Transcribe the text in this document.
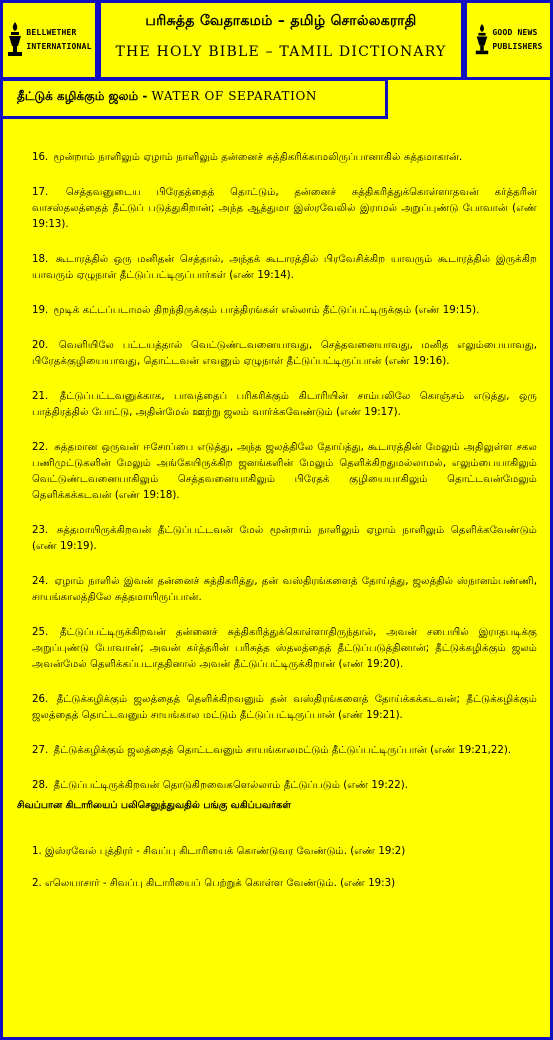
BELLWETHER
INTERNATIONAL
பரிசுத்த வேதாகமம் – தமிழ் சொல்லகராதி
THE HOLY BIBLE – TAMIL DICTIONARY
GOOD NEWS
PUBLISHERS
தீட்டுக் கழிக்கும் ஜலம் - WATER OF SEPARATION
16. மூன்றாம் நாளிலும் ஏழாம் நாளிலும் தன்னைச் சுத்திகரிக்காமலிருப்பானாகில் சுத்தமாகான்.
17. செத்தவனுடைய பிரேதத்தைத் தொட்டும், தன்னைச் சுத்திகரித்துக்கொள்ளாதவன் கர்த்தரின் வாசஸ்தலத்தைத் தீட்டுப் படுத்துகிறான்; அந்த ஆத்துமா இஸ்ரவேலில் இராமல் அறுப்புண்டு போவான் (எண் 19:13).
18. கூடாரத்தில் ஒரு மனிதன் செத்தால், அந்தக் கூடாரத்தில் பிரவேசிக்கிற யாவரும் கூடாரத்தில் இருக்கிற யாவரும் ஏழுநாள் தீட்டுப்பட்டிருப்பார்கள் (எண் 19:14).
19. மூடிக் கட்டப்படாமல் திறந்திருக்கும் பாத்திரங்கள் எல்லாம் தீட்டுப்பட்டிருக்கும் (எண் 19:15).
20. வெளியிலே பட்டயத்தால் வெட்டுண்டவனையாவது, செத்தவனையாவது, மனித எலும்பையாவது, பிரேதக்குழியையாவது, தொட்டவன் எவனும் ஏழுநாள் தீட்டுப்பட்டிருப்பான் (எண் 19:16).
21. தீட்டுப்பட்டவனுக்காக, பாவத்தைப் பரிகரிக்கும் கிடாரியின் சாம்பலிலே கொஞ்சம் எடுத்து, ஒரு பாத்திரத்தில் போட்டு, அதின்மேல் ஊற்று ஜலம் வார்க்கவேண்டும் (எண் 19:17).
22. சுத்தமான ஒருவன் ஈசோப்பை எடுத்து, அந்த ஜலத்திலே தோய்த்து, கூடாரத்தின் மேலும் அதிலுள்ள சகல பணிமுட்டுகளின் மேலும் அங்கேயிருக்கிற ஜனங்களின் மேலும் தெளிக்கிறதுமல்லாமல், எலும்பையாகிலும் வெட்டுண்டவனையாகிலும் செத்தவனையாகிலும் பிரேதக் குழியையாகிலும் தொட்டவன்மேலும் தெளிக்கக்கடவன் (எண் 19:18).
23. சுத்தமாயிருக்கிறவன் தீட்டுப்பட்டவன் மேல் மூன்றாம் நாளிலும் ஏழாம் நாளிலும் தெளிக்கவேண்டும் (எண் 19:19).
24. ஏழாம் நாளில் இவன் தன்னைச் சுத்திகரித்து, தன் வஸ்திரங்களைத் தோய்த்து, ஜலத்தில் ஸ்நானம்பண்ணி, சாயங்காலத்திலே சுத்தமாயிருப்பான்.
25. தீட்டுப்பட்டிருக்கிறவன் தன்னைச் சுத்திகரித்துக்கொள்ளாதிருந்தால், அவன் சபையில் இராதபடிக்கு அறுப்புண்டு போவான்; அவன் கர்த்தரின் பரிசுத்த ஸ்தலத்தைத் தீட்டுப்படுத்தினான்; தீட்டுக்கழிக்கும் ஜலம் அவன்மேல் தெளிக்கப்படாததினால் அவன் தீட்டுப்பட்டிருக்கிறான் (எண் 19:20).
26. தீட்டுக்கழிக்கும் ஜலத்தைத் தெளிக்கிறவனும் தன் வஸ்திரங்களைத் தோய்க்கக்கடவன்; தீட்டுக்கழிக்கும் ஜலத்தைத் தொட்டவனும் சாயங்கால மட்டும் தீட்டுப்பட்டிருப்பான் (எண் 19:21).
27. தீட்டுக்கழிக்கும் ஜலத்தைத் தொட்டவனும் சாயங்காலமட்டும் தீட்டுப்பட்டிருப்பான் (எண் 19:21,22).
28. தீட்டுப்பட்டிருக்கிறவன் தொடுகிறவைகளெல்லாம் தீட்டுப்படும் (எண் 19:22).
சிவப்பான கிடாரியைப் பலிசெலுத்துவதில் பங்கு வகிப்பவர்கள்
1. இஸ்ரவேல் புத்திரர் - சிவப்பு கிடாரியைக் கொண்டுவர வேண்டும். (எண் 19:2)
2. எலெயாசார் - சிவப்பு கிடாரியைப் பெற்றுக் கொள்ள வேண்டும். (எண் 19:3)
